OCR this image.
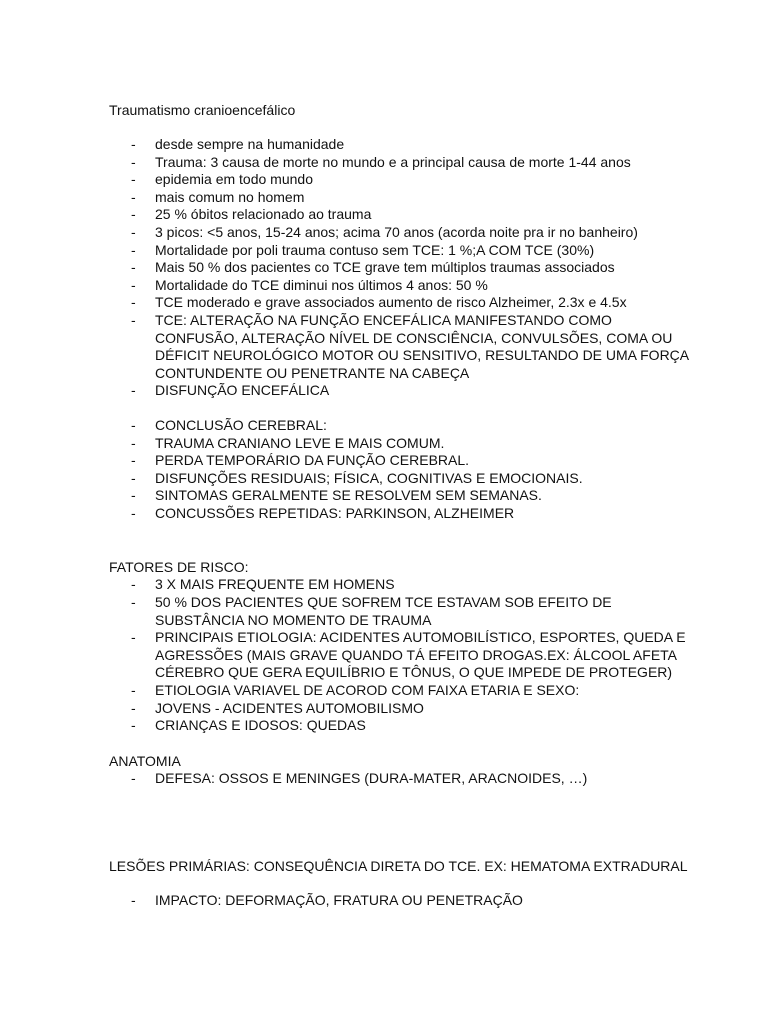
Traumatismo cranioencefálico

- desde sempre na humanidade
- Trauma: 3 causa de morte no mundo e a principal causa de morte 1-44 anos
- epidemia em todo mundo
- mais comum no homem
- 25 % óbitos relacionado ao trauma
- 3 picos: <5 anos, 15-24 anos; acima 70 anos (acorda noite pra ir no banheiro)
- Mortalidade por poli trauma contuso sem TCE: 1 %;A COM TCE (30%)
- Mais 50 % dos pacientes co TCE grave tem múltiplos traumas associados
- Mortalidade do TCE diminui nos últimos 4 anos: 50 %
- TCE moderado e grave associados aumento de risco Alzheimer, 2.3x e 4.5x
- TCE: ALTERAÇÃO NA FUNÇÃO ENCEFÁLICA MANIFESTANDO COMO CONFUSÃO, ALTERAÇÃO NÍVEL DE CONSCIÊNCIA, CONVULSÕES, COMA OU DÉFICIT NEUROLÓGICO MOTOR OU SENSITIVO, RESULTANDO DE UMA FORÇA CONTUNDENTE OU PENETRANTE NA CABEÇA
- DISFUNÇÃO ENCEFÁLICA
- CONCLUSÃO CEREBRAL:
- TRAUMA CRANIANO LEVE E MAIS COMUM.
- PERDA TEMPORÁRIO DA FUNÇÃO CEREBRAL.
- DISFUNÇÕES RESIDUAIS; FÍSICA, COGNITIVAS E EMOCIONAIS.
- SINTOMAS GERALMENTE SE RESOLVEM SEM SEMANAS.
- CONCUSSÕES REPETIDAS: PARKINSON, ALZHEIMER

FATORES DE RISCO:

- 3 X MAIS FREQUENTE EM HOMENS
- 50 % DOS PACIENTES QUE SOFREM TCE ESTAVAM SOB EFEITO DE SUBSTÂNCIA NO MOMENTO DE TRAUMA
- PRINCIPAIS ETIOLOGIA: ACIDENTES AUTOMOBILÍSTICO, ESPORTES, QUEDA E AGRESSÕES (MAIS GRAVE QUANDO TÁ EFEITO DROGAS.EX: ÁLCOOL AFETA CÉREBRO QUE GERA EQUILÍBRIO E TÔNUS, O QUE IMPEDE DE PROTEGER)
- ETIOLOGIA VARIAVEL DE ACOROD COM FAIXA ETARIA E SEXO:
- JOVENS - ACIDENTES AUTOMOBILISMO
- CRIANÇAS E IDOSOS: QUEDAS

ANATOMIA

- DEFESA: OSSOS E MENINGES (DURA-MATER, ARACNOIDES, …)

LESÕES PRIMÁRIAS: CONSEQUÊNCIA DIRETA DO TCE. EX: HEMATOMA EXTRADURAL

- IMPACTO: DEFORMAÇÃO, FRATURA OU PENETRAÇÃO
